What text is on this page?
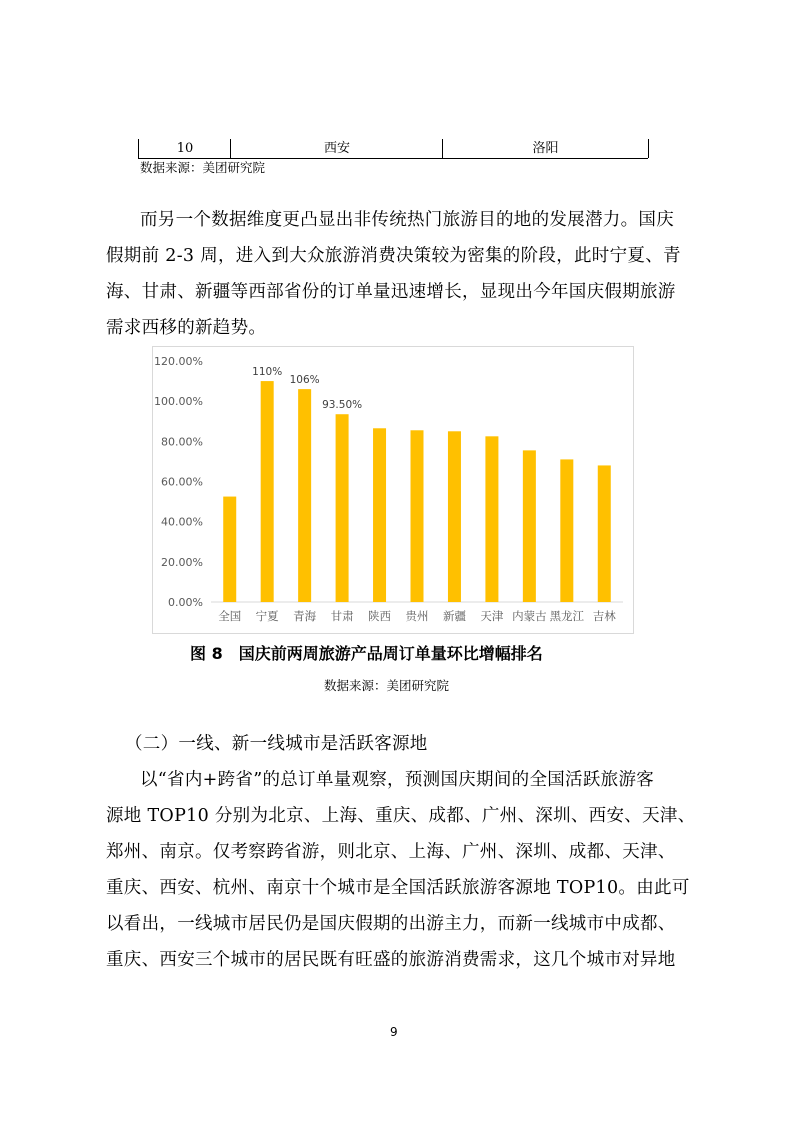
10	西安	洛阳
数据来源：美团研究院
而另一个数据维度更凸显出非传统热门旅游目的地的发展潜力。国庆
假期前 2-3 周，进入到大众旅游消费决策较为密集的阶段，此时宁夏、青
海、甘肃、新疆等西部省份的订单量迅速增长，显现出今年国庆假期旅游
需求西移的新趋势。
0.00%
20.00%
40.00%
60.00%
80.00%
100.00%
120.00%
全国 宁夏 青海 甘肃 陕西 贵州 新疆 天津 内蒙古 黑龙江 吉林
110%
106%
93.50%
图 8　国庆前两周旅游产品周订单量环比增幅排名
数据来源：美团研究院
（二）一线、新一线城市是活跃客源地
以“省内+跨省”的总订单量观察，预测国庆期间的全国活跃旅游客
源地 TOP10 分别为北京、上海、重庆、成都、广州、深圳、西安、天津、
郑州、南京。仅考察跨省游，则北京、上海、广州、深圳、成都、天津、
重庆、西安、杭州、南京十个城市是全国活跃旅游客源地 TOP10。由此可
以看出，一线城市居民仍是国庆假期的出游主力，而新一线城市中成都、
重庆、西安三个城市的居民既有旺盛的旅游消费需求，这几个城市对异地
9
